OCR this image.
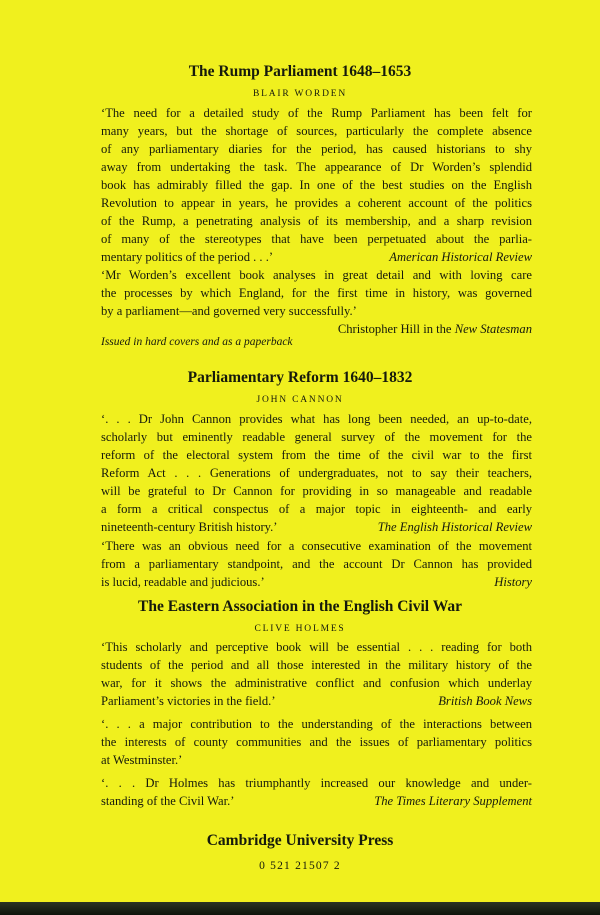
The Rump Parliament 1648–1653
BLAIR WORDEN
‘The need for a detailed study of the Rump Parliament has been felt for
many years, but the shortage of sources, particularly the complete absence
of any parliamentary diaries for the period, has caused historians to shy
away from undertaking the task. The appearance of Dr Worden’s splendid
book has admirably filled the gap. In one of the best studies on the English
Revolution to appear in years, he provides a coherent account of the politics
of the Rump, a penetrating analysis of its membership, and a sharp revision
of many of the stereotypes that have been perpetuated about the parlia-
mentary politics of the period . . .’	American Historical Review
‘Mr Worden’s excellent book analyses in great detail and with loving care
the processes by which England, for the first time in history, was governed
by a parliament—and governed very successfully.’
Christopher Hill in the New Statesman
Issued in hard covers and as a paperback
Parliamentary Reform 1640–1832
JOHN CANNON
‘. . . Dr John Cannon provides what has long been needed, an up-to-date,
scholarly but eminently readable general survey of the movement for the
reform of the electoral system from the time of the civil war to the first
Reform Act . . . Generations of undergraduates, not to say their teachers,
will be grateful to Dr Cannon for providing in so manageable and readable
a form a critical conspectus of a major topic in eighteenth- and early
nineteenth-century British history.’	The English Historical Review
‘There was an obvious need for a consecutive examination of the movement
from a parliamentary standpoint, and the account Dr Cannon has provided
is lucid, readable and judicious.’	History
The Eastern Association in the English Civil War
CLIVE HOLMES
‘This scholarly and perceptive book will be essential . . . reading for both
students of the period and all those interested in the military history of the
war, for it shows the administrative conflict and confusion which underlay
Parliament’s victories in the field.’	British Book News
‘. . . a major contribution to the understanding of the interactions between
the interests of county communities and the issues of parliamentary politics
at Westminster.’
‘. . . Dr Holmes has triumphantly increased our knowledge and under-
standing of the Civil War.’	The Times Literary Supplement
Cambridge University Press
0 521 21507 2
